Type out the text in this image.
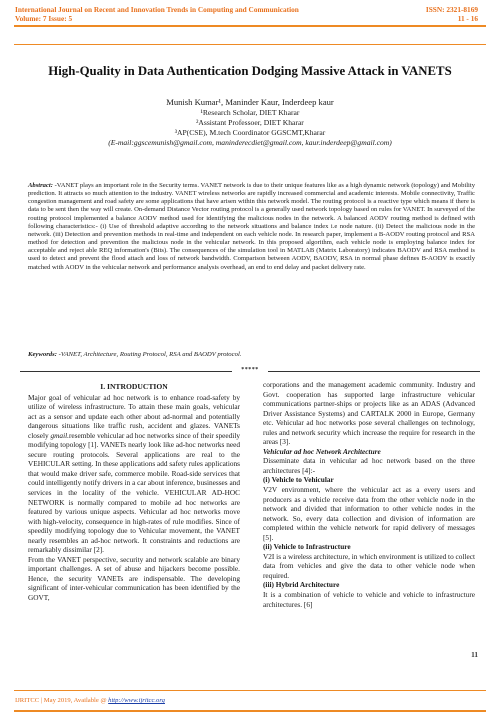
International Journal on Recent and Innovation Trends in Computing and Communication
Volume: 7 Issue: 5
ISSN: 2321-8169
11 - 16
High-Quality in Data Authentication Dodging Massive Attack in VANETS
Munish Kumar¹, Maninder Kaur, Inderdeep kaur
¹Research Scholar, DIET Kharar
²Assistant Professoer, DIET Kharar
³AP(CSE), M.tech Coordinator GGSCMT,Kharar
(E-mail:ggscemunish@gmail.com, maninderecdiet@gmail.com, kaur.inderdeep@gmail.com)
Abstract: -VANET plays an important role in the Security terms. VANET network is due to their unique features like as a high dynamic network (topology) and Mobility prediction. It attracts so much attention to the industry. VANET wireless networks are rapidly increased commercial and academic interests. Mobile connectivity, Traffic congestion management and road safety are some applications that have arisen within this network model. The routing protocol is a reactive type which means if there is data to be sent then the way will create. On-demand Distance Vector routing protocol is a generally used network topology based on rules for VANET. In surveyed of the routing protocol implemented a balance AODV method used for identifying the malicious nodes in the network. A balanced AODV routing method is defined with following characteristics:- (i) Use of threshold adaptive according to the network situations and balance index i.e node nature. (ii) Detect the malicious node in the network. (iii) Detection and prevention methods in real-time and independent on each vehicle node. In research paper, implement a B-AODV routing protocol and RSA method for detection and prevention the malicious node in the vehicular network. In this proposed algorithm, each vehicle node is employing balance index for acceptable and reject able REQ information's (Bits). The consequences of the simulation tool in MATLAB (Matrix Laboratory) indicates BAODV and RSA method is used to detect and prevent the flood attach and loss of network bandwidth. Comparison between AODV, BAODV, RSA in normal phase defines B-AODV is exactly matched with AODV in the vehicular network and performance analysis overhead, an end to end delay and packet delivery rate.
Keywords: -VANET, Architecture, Routing Protocol, RSA and BAODV protocol.
*****
I. INTRODUCTION

Major goal of vehicular ad hoc network is to enhance road-safety by utilize of wireless infrastructure. To attain these main goals, vehicular act as a sensor and update each other about ad-normal and potentially dangerous situations like traffic rush, accident and glazes. VANETs closely gmail.resemble vehicular ad hoc networks since of their speedily modifying topology [1]. VANETs nearly look like ad-hoc networks need secure routing protocols. Several applications are real to the VEHICULAR setting. In these applications add safety rules applications that would make driver safe, commerce mobile. Road-side services that could intelligently notify drivers in a car about inference, businesses and services in the locality of the vehicle. VEHICULAR AD-HOC NETWORK is normally compared to mobile ad hoc networks are featured by various unique aspects. Vehicular ad hoc networks move with high-velocity, consequence in high-rates of rule modifies. Since of speedily modifying topology due to Vehicular movement, the VANET nearly resembles an ad-hoc network. It constraints and reductions are remarkably dissimilar [2].

From the VANET perspective, security and network scalable are binary important challenges. A set of abuse and hijackers become possible. Hence, the security VANETs are indispensable. The developing significant of inter-vehicular communication has been identified by the GOVT,

corporations and the management academic community. Industry and Govt. cooperation has supported large infrastructure vehicular communications partner-ships or projects like as an ADAS (Advanced Driver Assistance Systems) and CARTALK 2000 in Europe, Germany etc. Vehicular ad hoc networks pose several challenges on technology, rules and network security which increase the require for research in the areas [3].

Vehicular ad hoc Network Architecture

Disseminate data in vehicular ad hoc network based on the three architectures [4]:-

(i) Vehicle to Vehicular

V2V environment, where the vehicular act as a every users and producers as a vehicle receive data from the other vehicle node in the network and divided that information to other vehicle nodes in the network. So, every data collection and division of information are completed within the vehicle network for rapid delivery of messages [5].

(ii) Vehicle to Infrastructure

V2I is a wireless architecture, in which environment is utilized to collect data from vehicles and give the data to other vehicle node when required.

(iii) Hybrid Architecture

It is a combination of vehicle to vehicle and vehicle to infrastructure architectures. [6]

11
IJRITCC | May 2019, Available @ http://www.ijritcc.org
